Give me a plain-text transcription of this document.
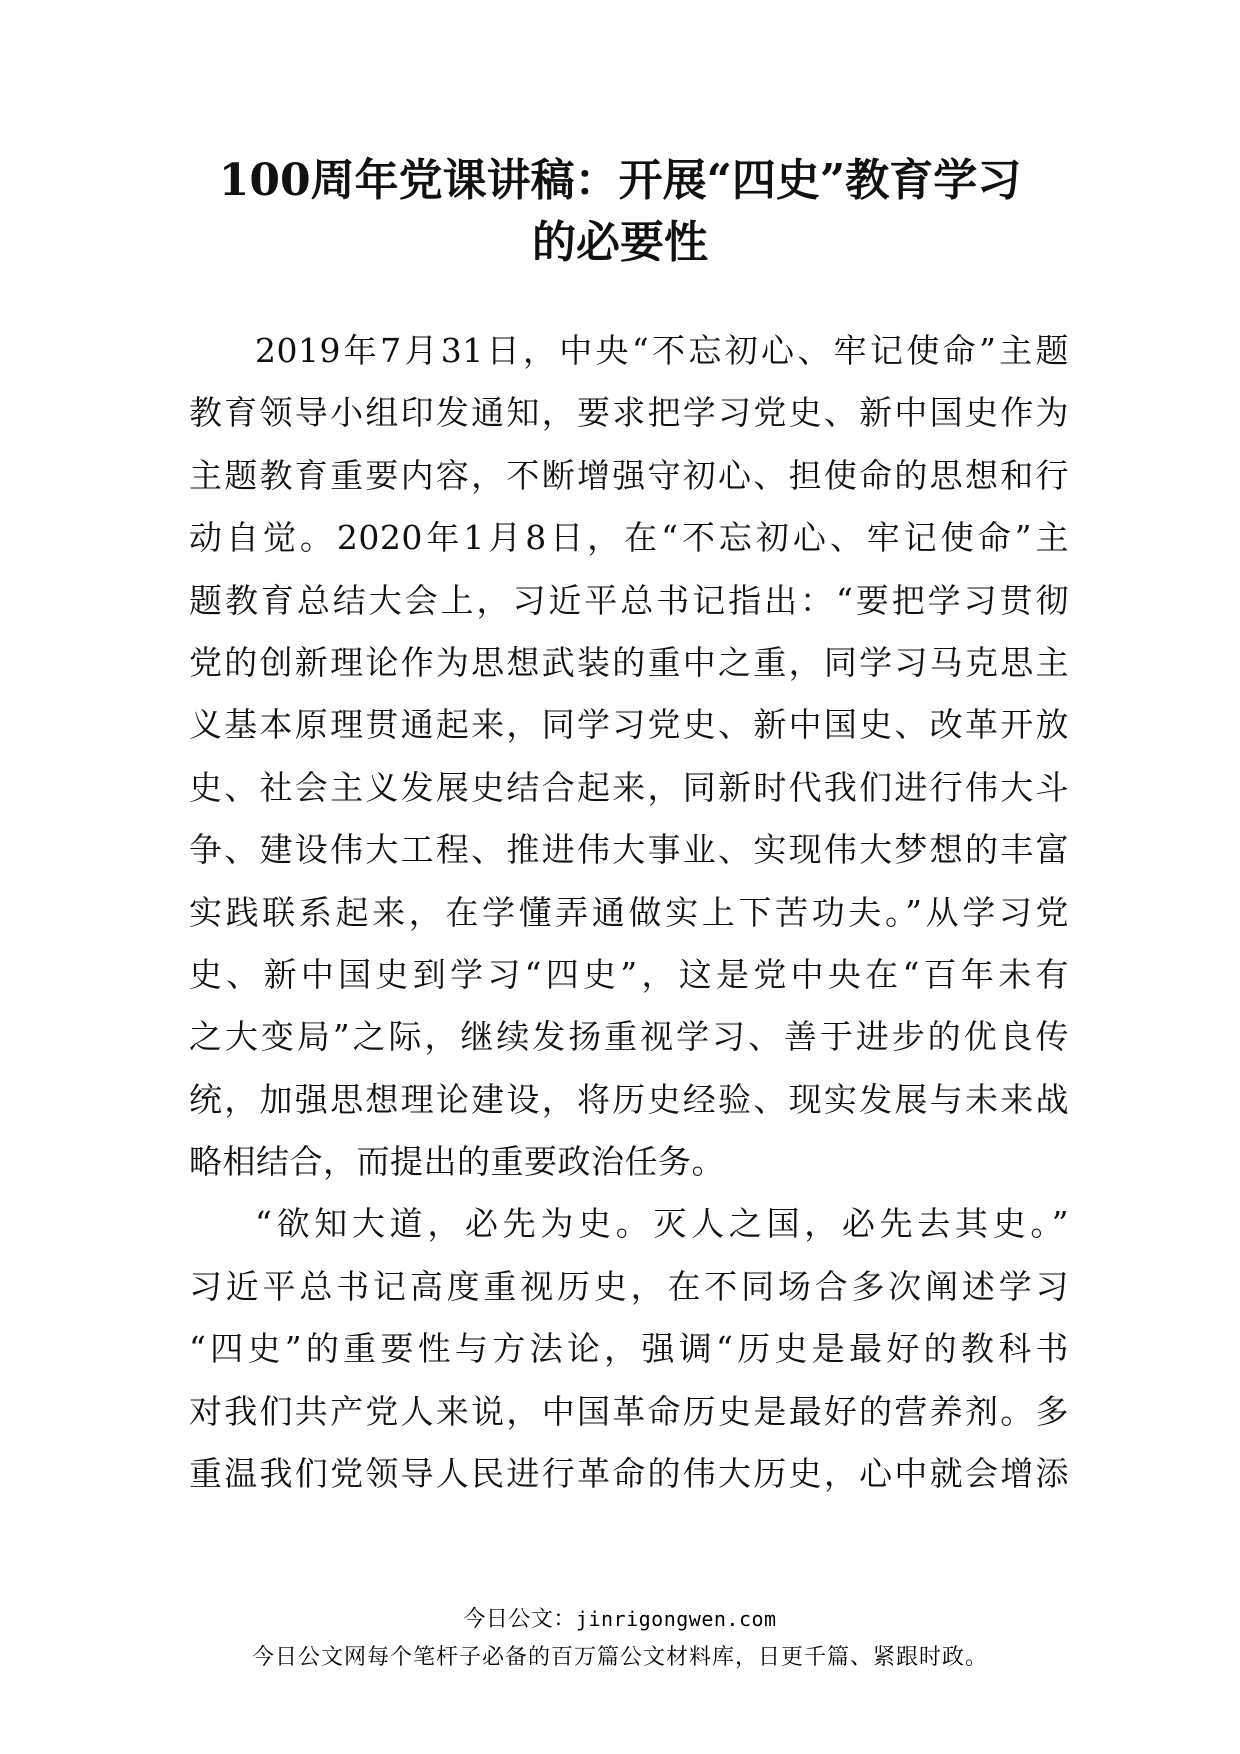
100周年党课讲稿：开展“四史”教育学习
的必要性
2019年7月31日，中央“不忘初心、牢记使命”主题
教育领导小组印发通知，要求把学习党史、新中国史作为
主题教育重要内容，不断增强守初心、担使命的思想和行
动自觉。2020年1月8日，在“不忘初心、牢记使命”主
题教育总结大会上，习近平总书记指出：“要把学习贯彻
党的创新理论作为思想武装的重中之重，同学习马克思主
义基本原理贯通起来，同学习党史、新中国史、改革开放
史、社会主义发展史结合起来，同新时代我们进行伟大斗
争、建设伟大工程、推进伟大事业、实现伟大梦想的丰富
实践联系起来，在学懂弄通做实上下苦功夫。”从学习党
史、新中国史到学习“四史”，这是党中央在“百年未有
之大变局”之际，继续发扬重视学习、善于进步的优良传
统，加强思想理论建设，将历史经验、现实发展与未来战
略相结合，而提出的重要政治任务。
“欲知大道，必先为史。灭人之国，必先去其史。”
习近平总书记高度重视历史，在不同场合多次阐述学习
“四史”的重要性与方法论，强调“历史是最好的教科书
对我们共产党人来说，中国革命历史是最好的营养剂。多
重温我们党领导人民进行革命的伟大历史，心中就会增添
今日公文：jinrigongwen.com
今日公文网每个笔杆子必备的百万篇公文材料库，日更千篇、紧跟时政。
